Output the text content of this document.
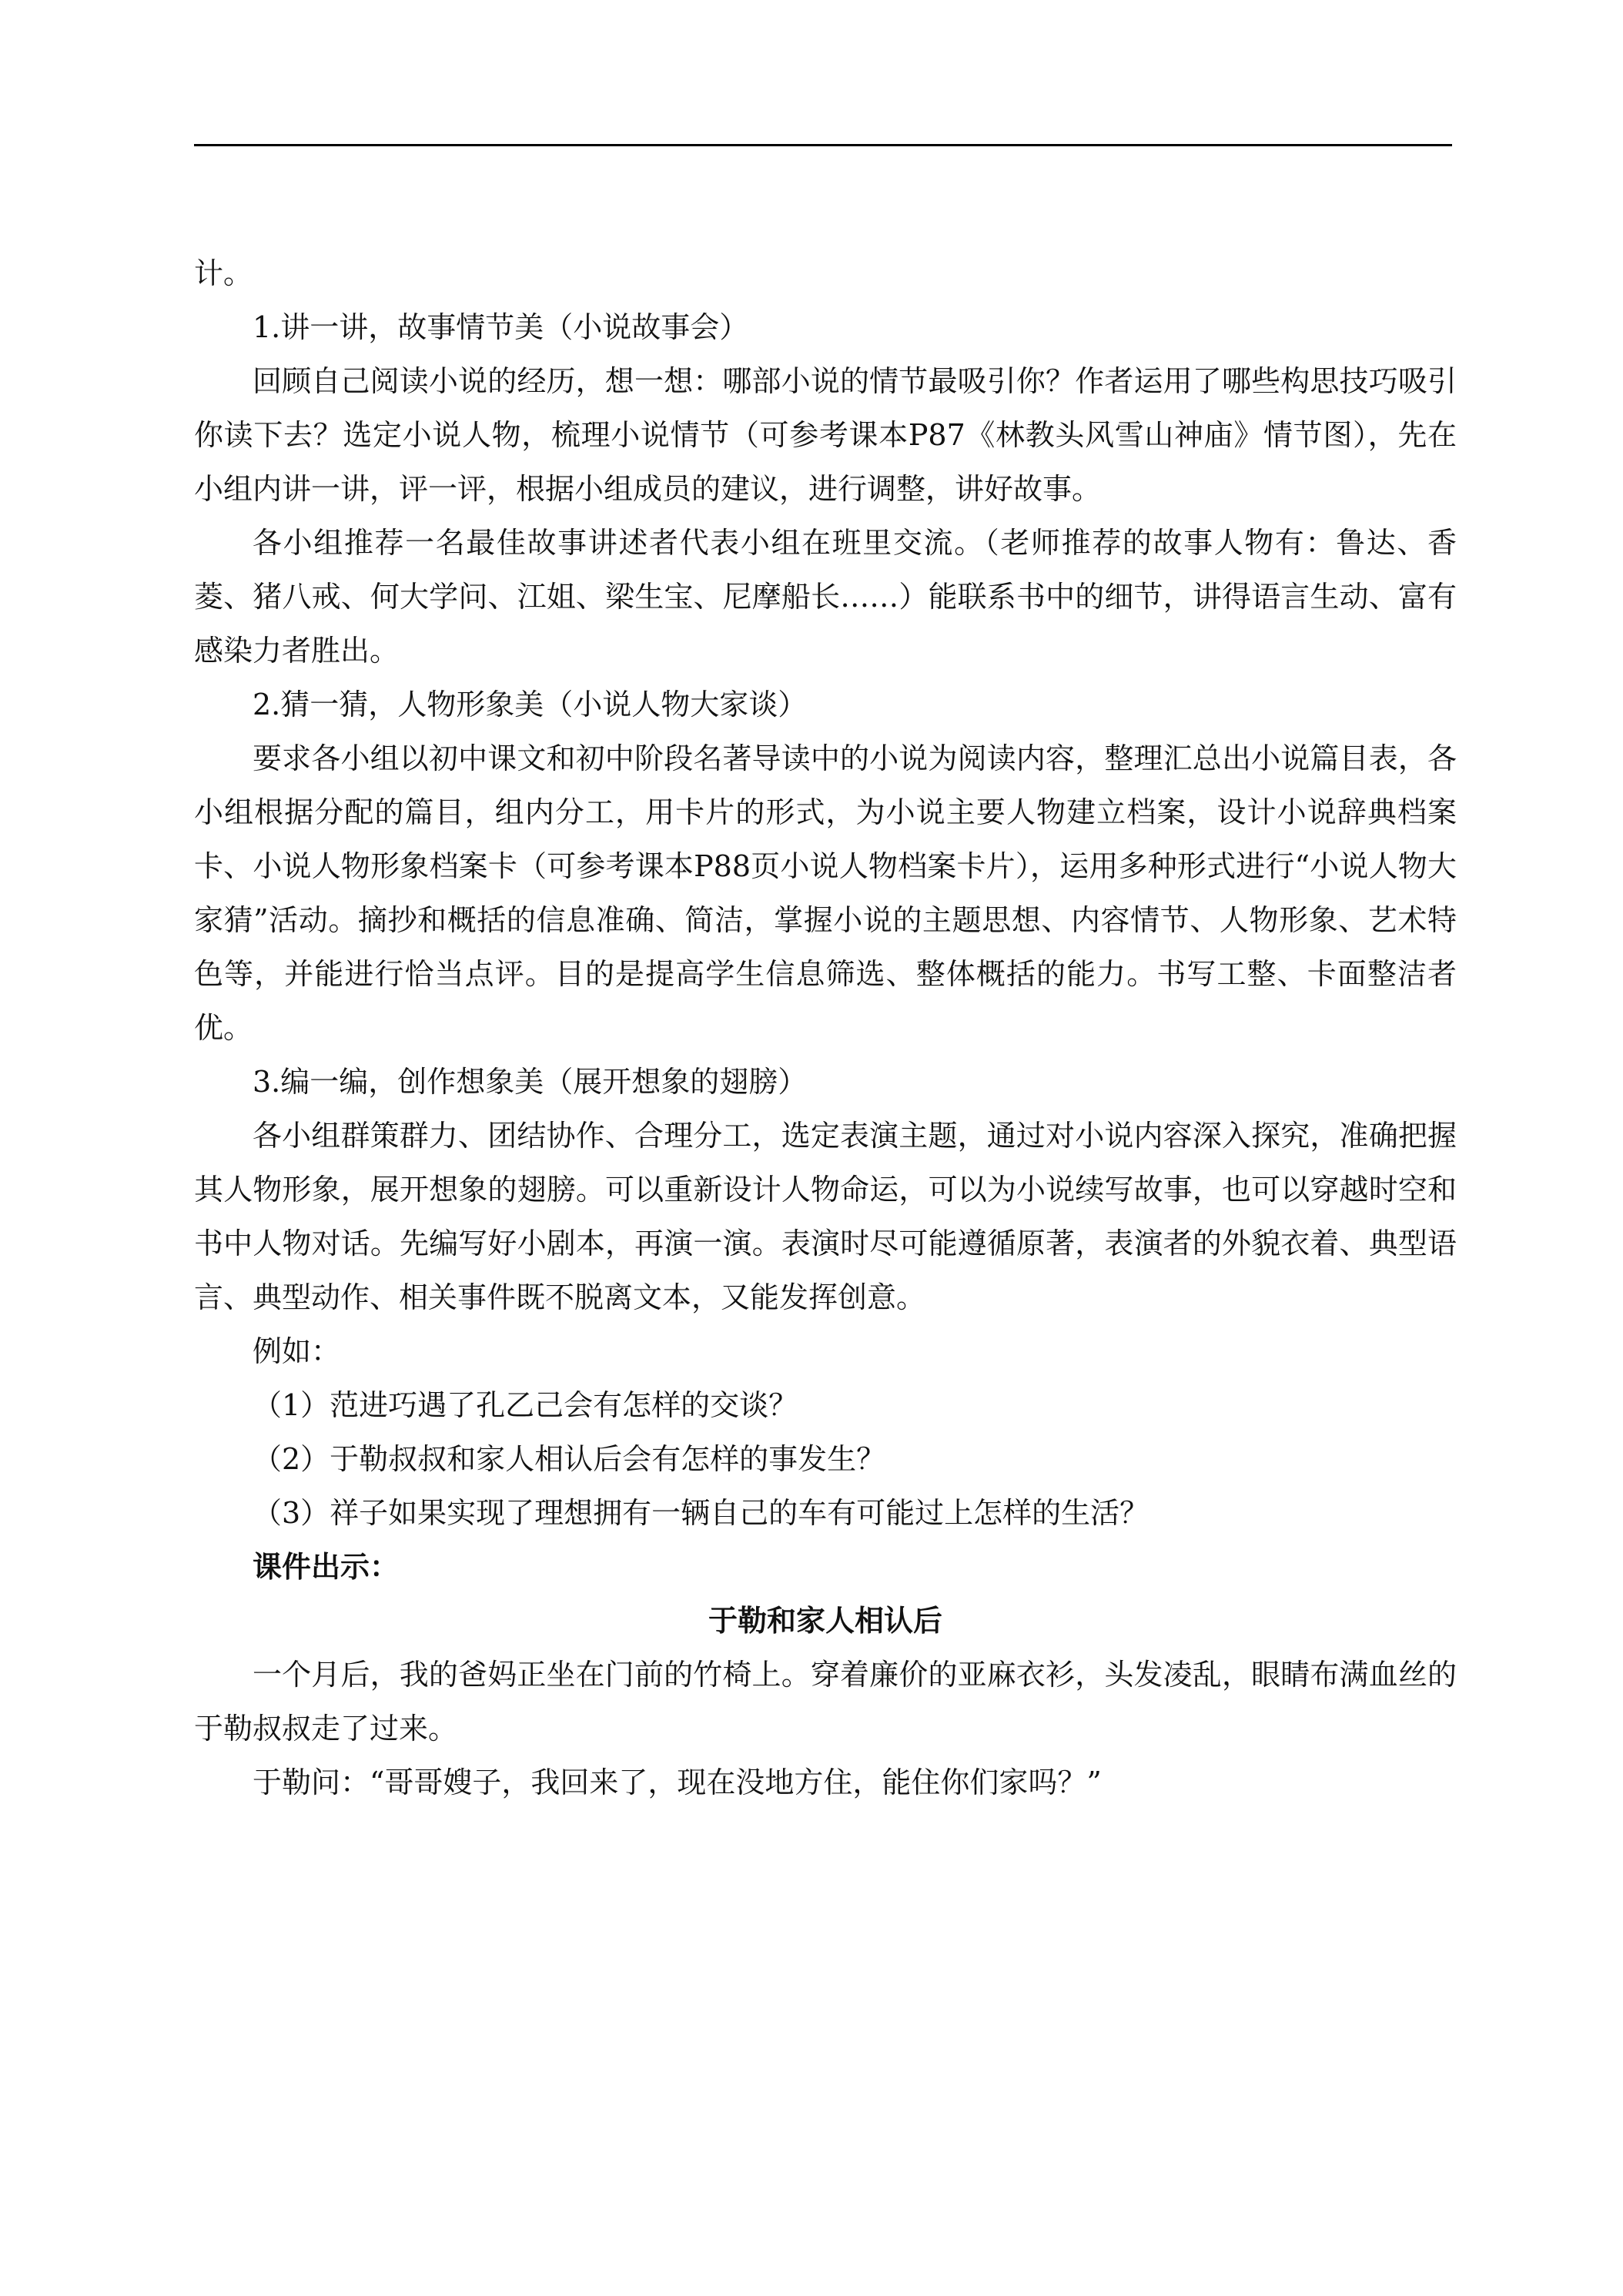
计。

1.讲一讲，故事情节美（小说故事会）

回顾自己阅读小说的经历，想一想：哪部小说的情节最吸引你？作者运用了哪些构思技巧吸引你读下去？选定小说人物，梳理小说情节（可参考课本P87《林教头风雪山神庙》情节图），先在小组内讲一讲，评一评，根据小组成员的建议，进行调整，讲好故事。

各小组推荐一名最佳故事讲述者代表小组在班里交流。（老师推荐的故事人物有：鲁达、香菱、猪八戒、何大学问、江姐、梁生宝、尼摩船长……）能联系书中的细节，讲得语言生动、富有感染力者胜出。

2.猜一猜，人物形象美（小说人物大家谈）

要求各小组以初中课文和初中阶段名著导读中的小说为阅读内容，整理汇总出小说篇目表，各小组根据分配的篇目，组内分工，用卡片的形式，为小说主要人物建立档案，设计小说辞典档案卡、小说人物形象档案卡（可参考课本P88页小说人物档案卡片），运用多种形式进行“小说人物大家猜”活动。摘抄和概括的信息准确、简洁，掌握小说的主题思想、内容情节、人物形象、艺术特色等，并能进行恰当点评。目的是提高学生信息筛选、整体概括的能力。书写工整、卡面整洁者优。

3.编一编，创作想象美（展开想象的翅膀）

各小组群策群力、团结协作、合理分工，选定表演主题，通过对小说内容深入探究，准确把握其人物形象，展开想象的翅膀。可以重新设计人物命运，可以为小说续写故事，也可以穿越时空和书中人物对话。先编写好小剧本，再演一演。表演时尽可能遵循原著，表演者的外貌衣着、典型语言、典型动作、相关事件既不脱离文本，又能发挥创意。

例如：

（1）范进巧遇了孔乙己会有怎样的交谈？

（2）于勒叔叔和家人相认后会有怎样的事发生？

（3）祥子如果实现了理想拥有一辆自己的车有可能过上怎样的生活？

课件出示：

于勒和家人相认后

一个月后，我的爸妈正坐在门前的竹椅上。穿着廉价的亚麻衣衫，头发凌乱，眼睛布满血丝的于勒叔叔走了过来。

于勒问：“哥哥嫂子，我回来了，现在没地方住，能住你们家吗？”
